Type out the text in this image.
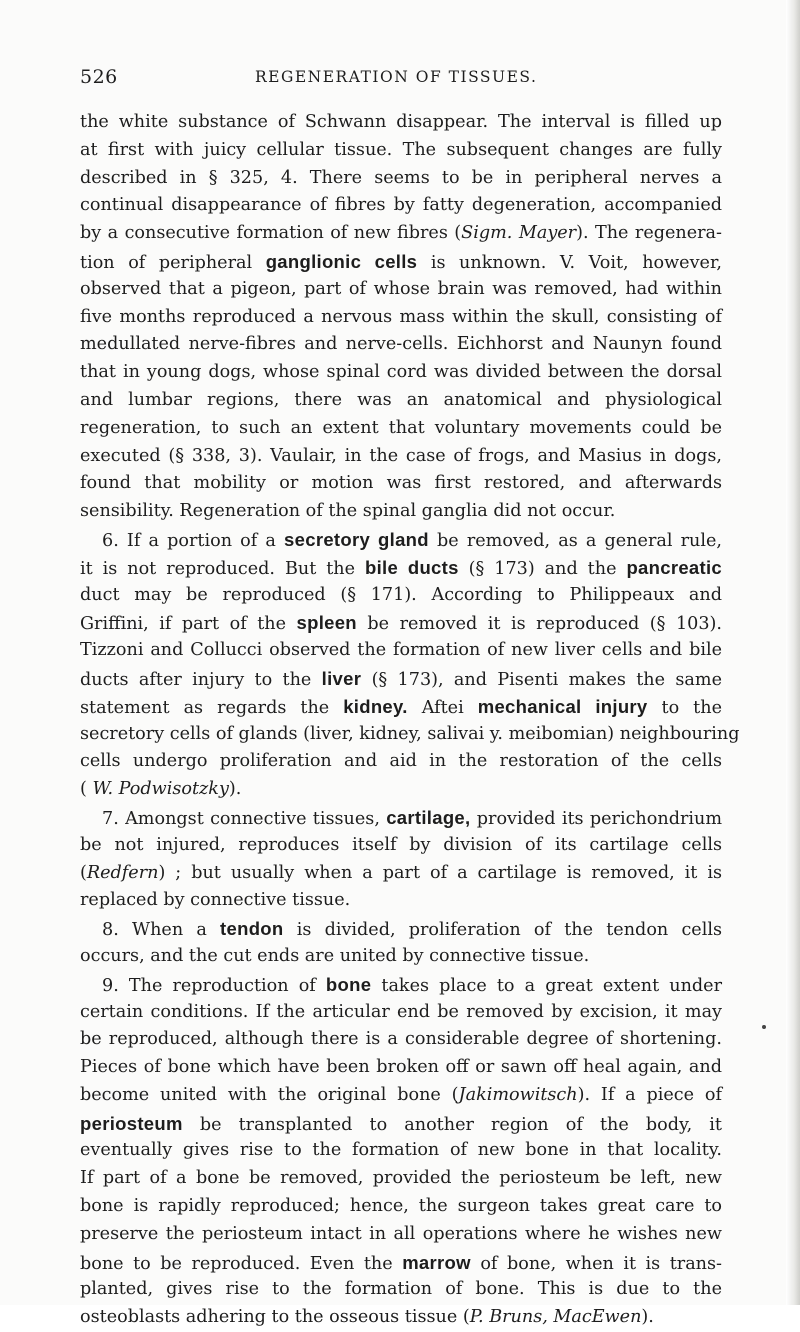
526	REGENERATION OF TISSUES.
the white substance of Schwann disappear. The interval is filled up
at first with juicy cellular tissue. The subsequent changes are fully
described in § 325, 4. There seems to be in peripheral nerves a
continual disappearance of fibres by fatty degeneration, accompanied
by a consecutive formation of new fibres (Sigm. Mayer). The regenera-
tion of peripheral ganglionic cells is unknown. V. Voit, however,
observed that a pigeon, part of whose brain was removed, had within
five months reproduced a nervous mass within the skull, consisting of
medullated nerve-fibres and nerve-cells. Eichhorst and Naunyn found
that in young dogs, whose spinal cord was divided between the dorsal
and lumbar regions, there was an anatomical and physiological
regeneration, to such an extent that voluntary movements could be
executed (§ 338, 3). Vaulair, in the case of frogs, and Masius in dogs,
found that mobility or motion was first restored, and afterwards
sensibility. Regeneration of the spinal ganglia did not occur.
6. If a portion of a secretory gland be removed, as a general rule,
it is not reproduced. But the bile ducts (§ 173) and the pancreatic
duct may be reproduced (§ 171). According to Philippeaux and
Griffini, if part of the spleen be removed it is reproduced (§ 103).
Tizzoni and Collucci observed the formation of new liver cells and bile
ducts after injury to the liver (§ 173), and Pisenti makes the same
statement as regards the kidney. Aftei mechanical injury to the
secretory cells of glands (liver, kidney, salivai y. meibomian) neighbouring
cells undergo proliferation and aid in the restoration of the cells
( W. Podwisotzky).
7. Amongst connective tissues, cartilage, provided its perichondrium
be not injured, reproduces itself by division of its cartilage cells
(Redfern) ; but usually when a part of a cartilage is removed, it is
replaced by connective tissue.
8. When a tendon is divided, proliferation of the tendon cells
occurs, and the cut ends are united by connective tissue.
9. The reproduction of bone takes place to a great extent under
certain conditions. If the articular end be removed by excision, it may
be reproduced, although there is a considerable degree of shortening.
Pieces of bone which have been broken off or sawn off heal again, and
become united with the original bone (Jakimowitsch). If a piece of
periosteum be transplanted to another region of the body, it
eventually gives rise to the formation of new bone in that locality.
If part of a bone be removed, provided the periosteum be left, new
bone is rapidly reproduced; hence, the surgeon takes great care to
preserve the periosteum intact in all operations where he wishes new
bone to be reproduced. Even the marrow of bone, when it is trans-
planted, gives rise to the formation of bone. This is due to the
osteoblasts adhering to the osseous tissue (P. Bruns, MacEwen).
